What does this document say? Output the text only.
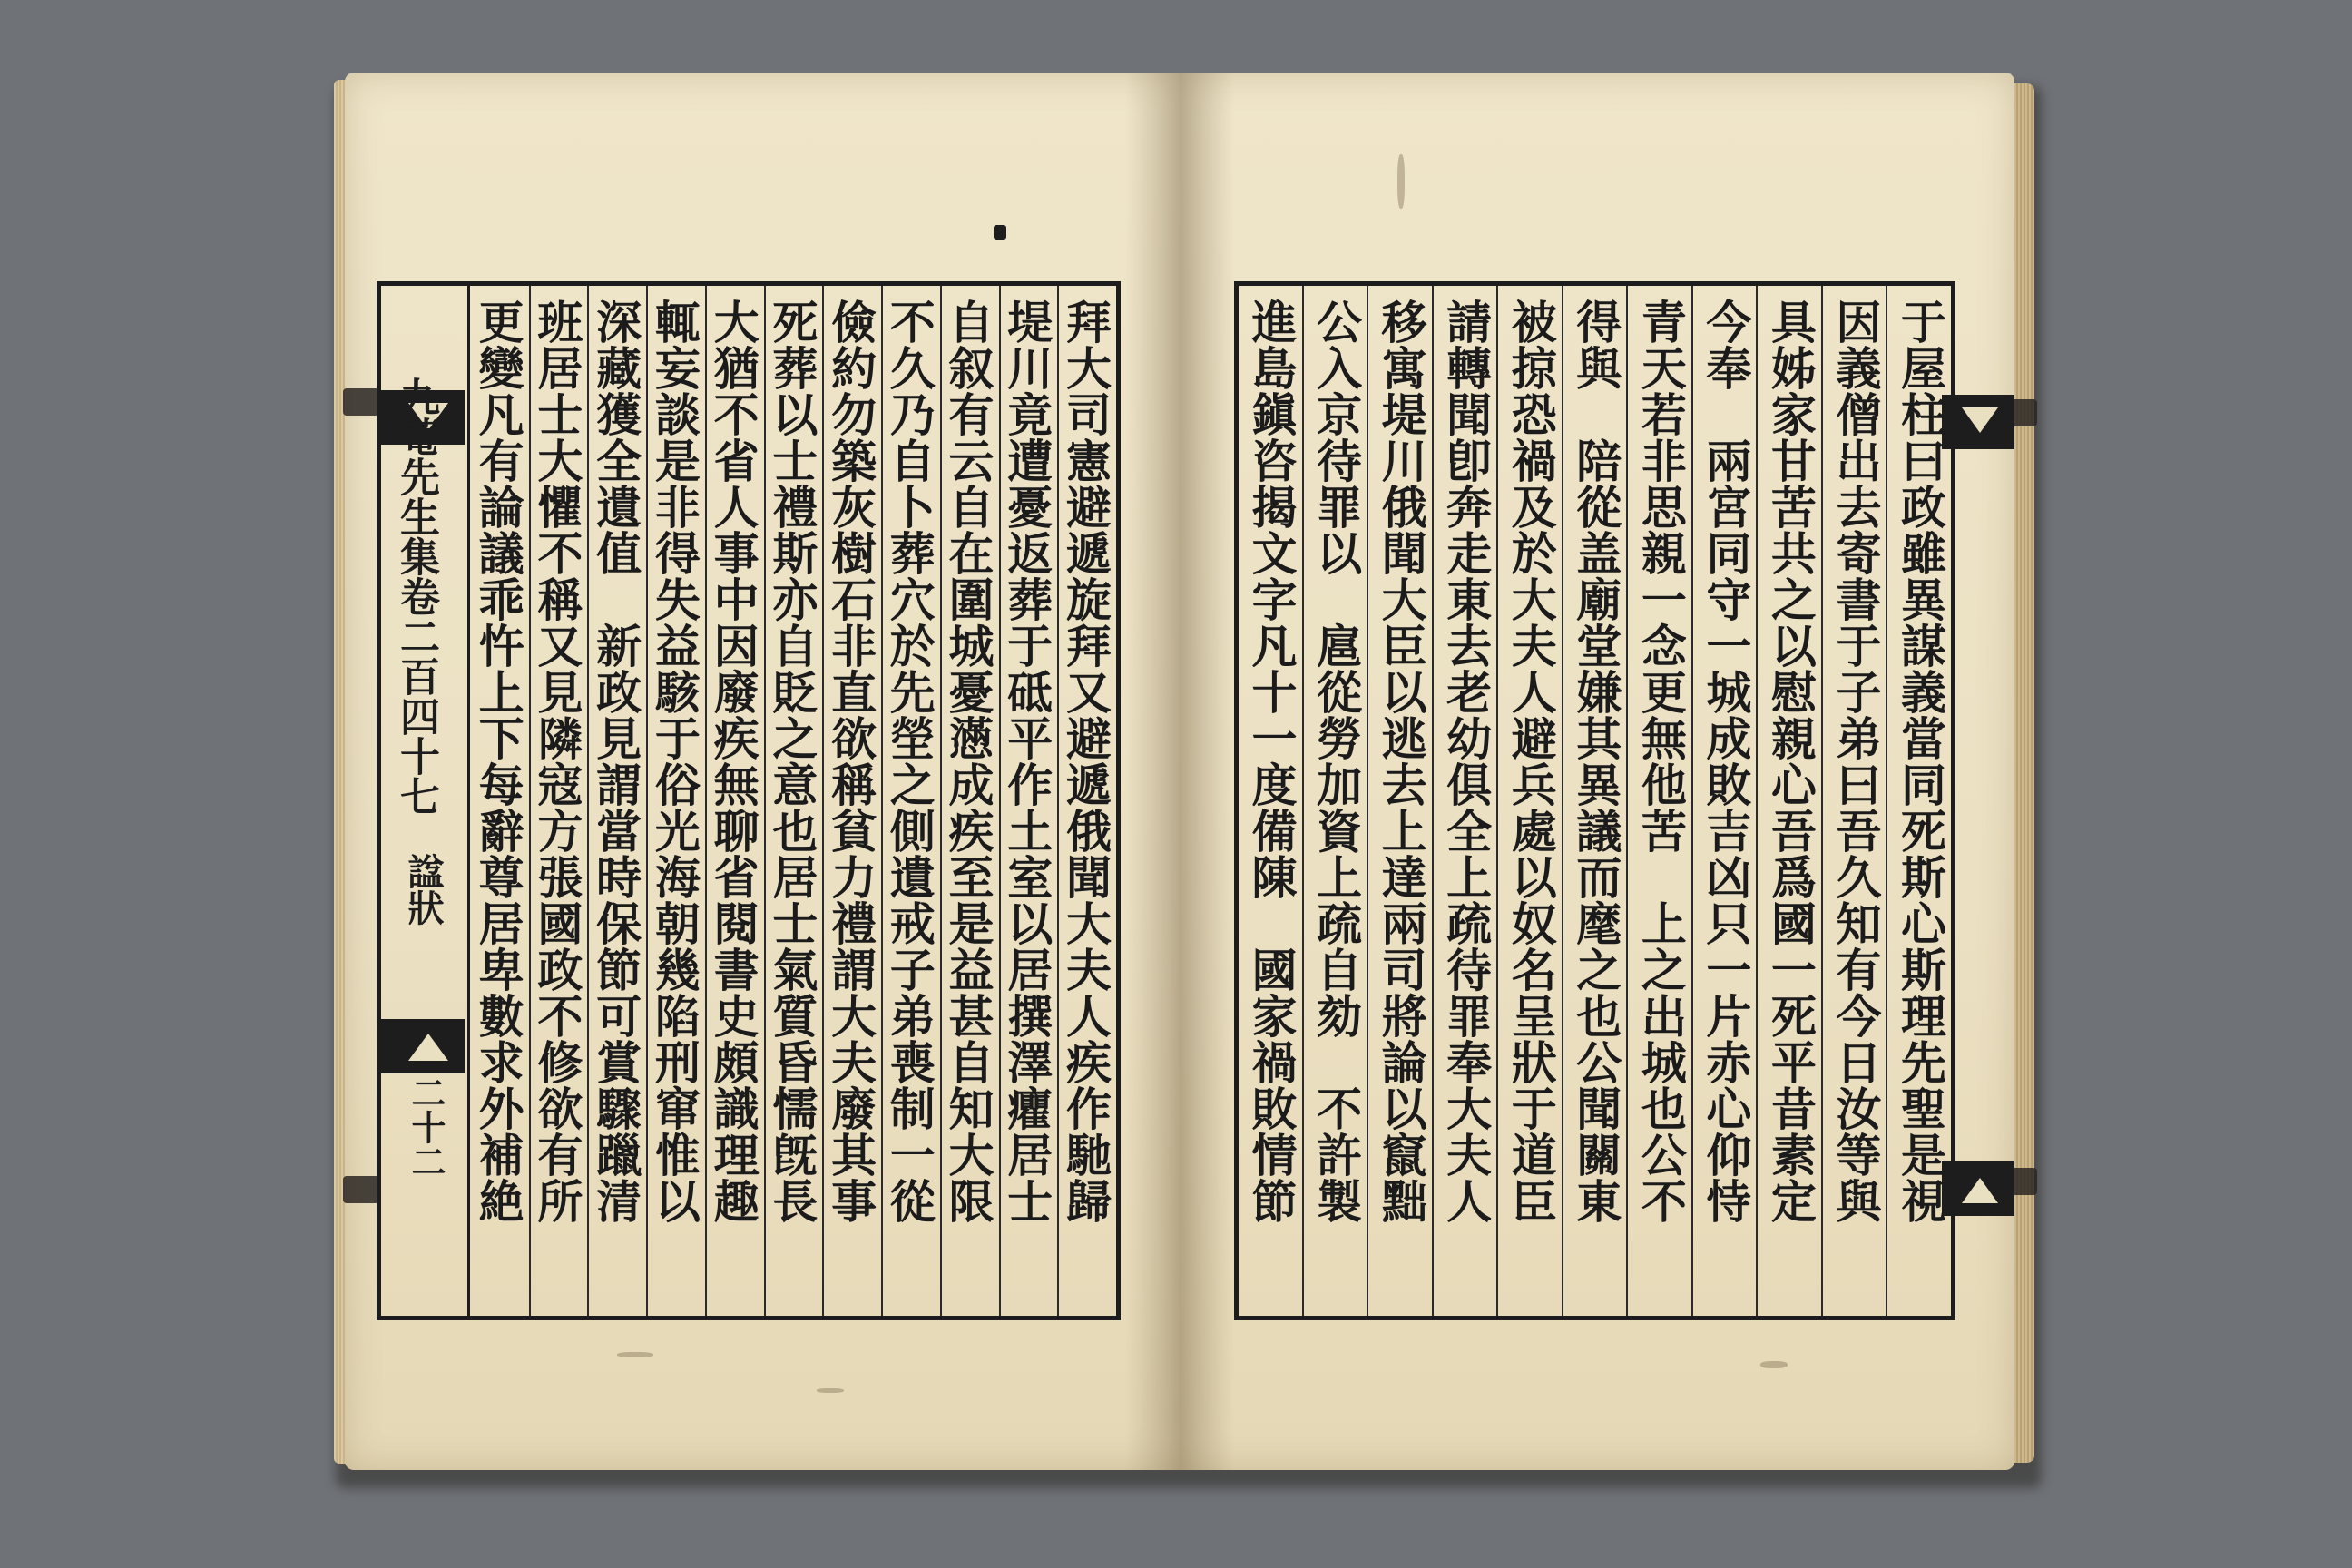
九菴先生集卷二百四十七
諡狀
二十二	拜大司憲避遞旋拜又避遞俄聞大夫人疾作馳歸
堤川竟遭憂返葬于砥平作土室以居撰澤癯居士
自叙有云自在圍城憂懣成疾至是益甚自知大限
不久乃自卜葬穴於先塋之側遺戒子弟喪制一從
儉約勿築灰樹石非直欲稱貧力禮謂大夫廢其事
死葬以士禮斯亦自貶之意也居士氣質昏懦旣長
大猶不省人事中因廢疾無聊省閱書史頗識理趣
輒妄談是非得失益駭于俗光海朝幾陷刑窜惟以
深藏獲全遺值　新政見謂當時保節可賞驟躐清
班居士大懼不稱又見隣寇方張國政不修欲有所
更變凡有論議乖忤上下每辭尊居卑數求外補絶	于屋柱曰政雖異謀義當同死斯心斯理先聖是視
因義僧出去寄書于子弟曰吾久知有今日汝等與
具姊家甘苦共之以慰親心吾爲國一死平昔素定
今奉　兩宮同守一城成敗吉凶只一片赤心仰恃
青天若非思親一念更無他苦　上之出城也公不
得與　陪從盖廟堂嫌其異議而麾之也公聞關東
被掠恐禍及於大夫人避兵處以奴名呈狀于道臣
請轉聞卽奔走東去老幼俱全上疏待罪奉大夫人
移寓堤川俄聞大臣以逃去上達兩司將論以竄黜
公入京待罪以　扈從勞加資上疏自劾　不許製
進島鎭咨揭文字凡十一度備陳　國家禍敗情節
